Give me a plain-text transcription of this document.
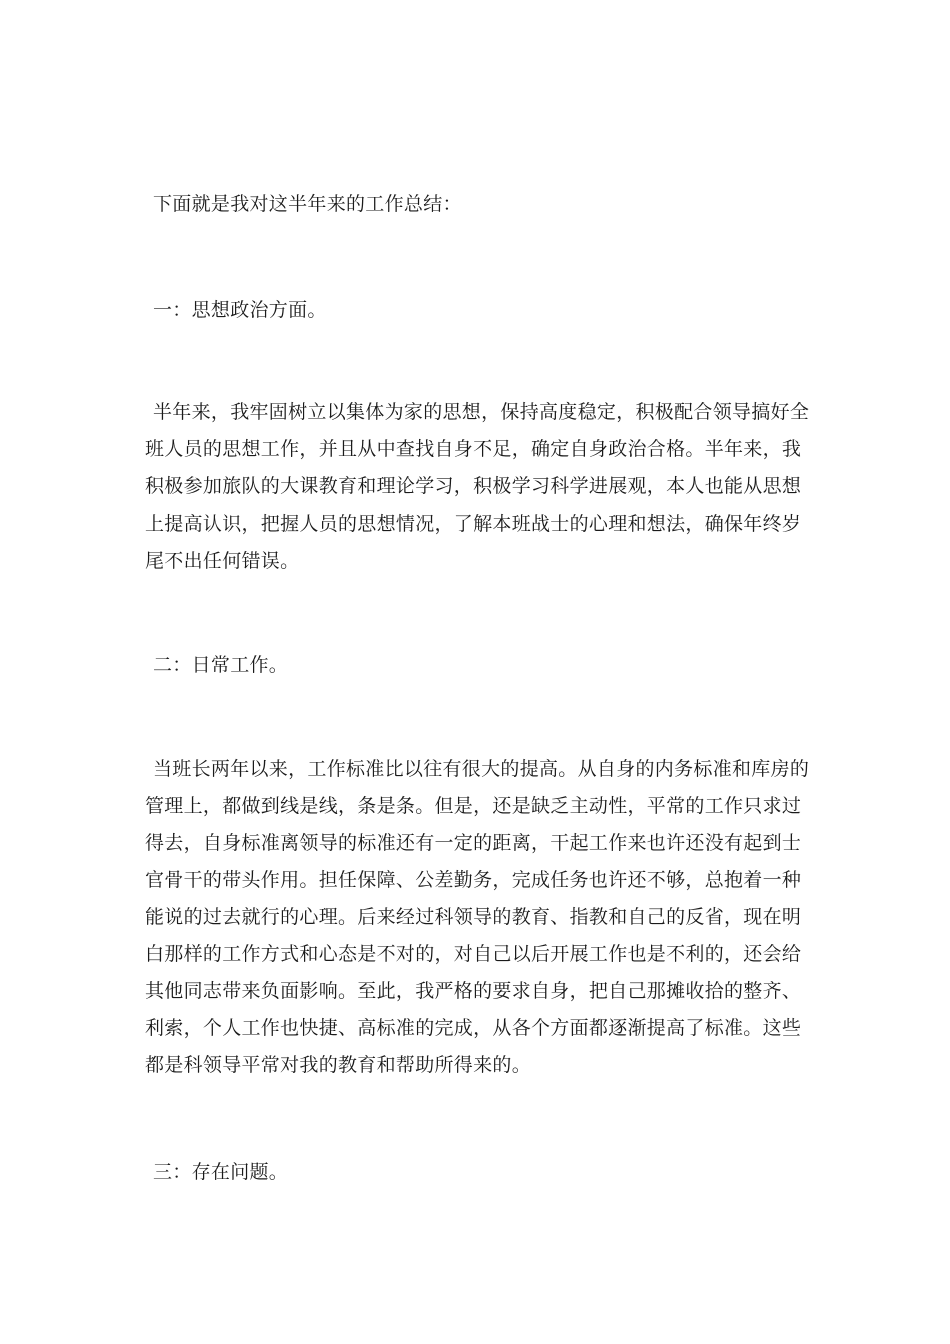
下面就是我对这半年来的工作总结：
一：思想政治方面。
半年来，我牢固树立以集体为家的思想，保持高度稳定，积极配合领导搞好全
班人员的思想工作，并且从中查找自身不足，确定自身政治合格。半年来，我
积极参加旅队的大课教育和理论学习，积极学习科学进展观，本人也能从思想
上提高认识，把握人员的思想情况，了解本班战士的心理和想法，确保年终岁
尾不出任何错误。
二：日常工作。
当班长两年以来，工作标准比以往有很大的提高。从自身的内务标准和库房的
管理上，都做到线是线，条是条。但是，还是缺乏主动性，平常的工作只求过
得去，自身标准离领导的标准还有一定的距离，干起工作来也许还没有起到士
官骨干的带头作用。担任保障、公差勤务，完成任务也许还不够，总抱着一种
能说的过去就行的心理。后来经过科领导的教育、指教和自己的反省，现在明
白那样的工作方式和心态是不对的，对自己以后开展工作也是不利的，还会给
其他同志带来负面影响。至此，我严格的要求自身，把自己那摊收拾的整齐、
利索，个人工作也快捷、高标准的完成，从各个方面都逐渐提高了标准。这些
都是科领导平常对我的教育和帮助所得来的。
三：存在问题。
